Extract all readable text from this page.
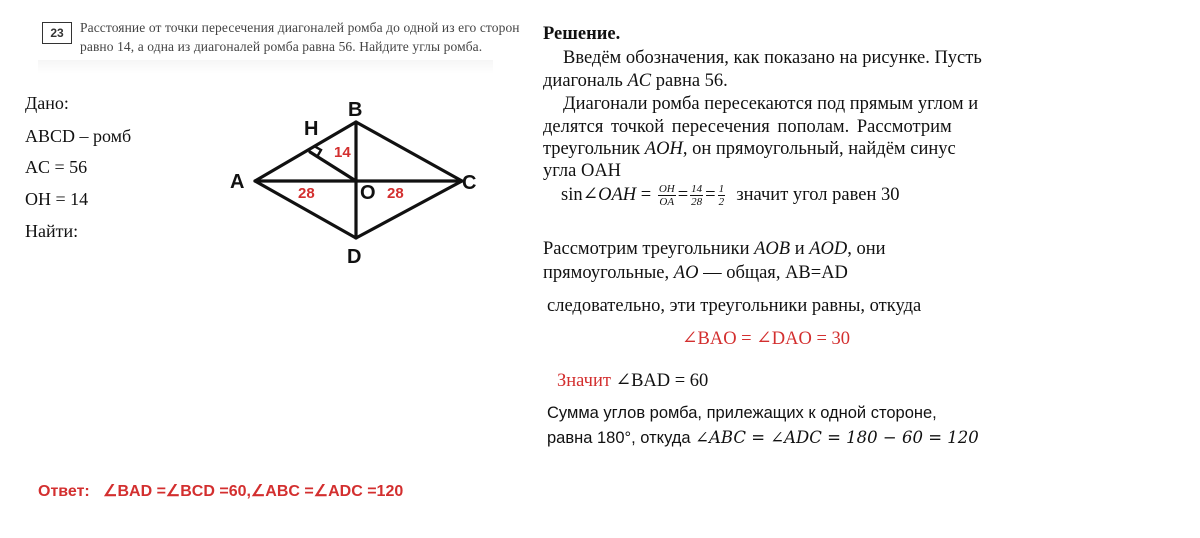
23	Расстояние от точки пересечения диагоналей ромба до одной из его сторон
равно 14, а одна из диагоналей ромба равна 56. Найдите углы ромба.
Дано:
ABCD – ромб
AC = 56
OH = 14
Найти:
A
B
C
D
O
H
14
28	28
Решение.
Введём обозначения, как показано на рисунке. Пусть
диагональ AC равна 56.
Диагонали ромба пересекаются под прямым углом и
делятся точкой пересечения пополам. Рассмотрим
треугольник AOH, он прямоугольный, найдём синус
угла OAH
sin∠OAH = $\frac{OH}{OA} = \frac{14}{28} = \frac{1}{2}$ значит угол равен 30
Рассмотрим треугольники AOB и AOD, они
прямоугольные, AO — общая, AB=AD
следовательно, эти треугольники равны, откуда
∠BAO = ∠DAO = 30
Значит ∠BAD = 60
Сумма углов ромба, прилежащих к одной стороне,
равна 180°, откуда ∠ABC = ∠ADC = 180 − 60 = 120
Ответ: ∠BAD =∠BCD =60,∠ABC =∠ADC =120
